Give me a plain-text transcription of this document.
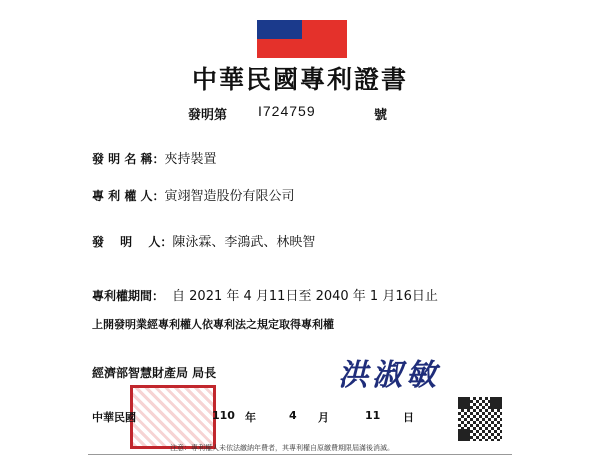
中華民國專利證書
發明第 I724759	號
發 明 名 稱：夾持裝置
專 利 權 人：寅翊智造股份有限公司
發　 明　 人：陳泳霖、李鴻武、林映智
專利權期間： 自 2021 年 4 月11日至 2040 年 1 月16日止
上開發明業經專利權人依專利法之規定取得專利權
經濟部智慧財產局 局長	洪淑敏
中華民國	110 年	4 月	11 日
注意：專利權人未依法繳納年費者，其專利權自原繳費期限屆滿後消滅。
